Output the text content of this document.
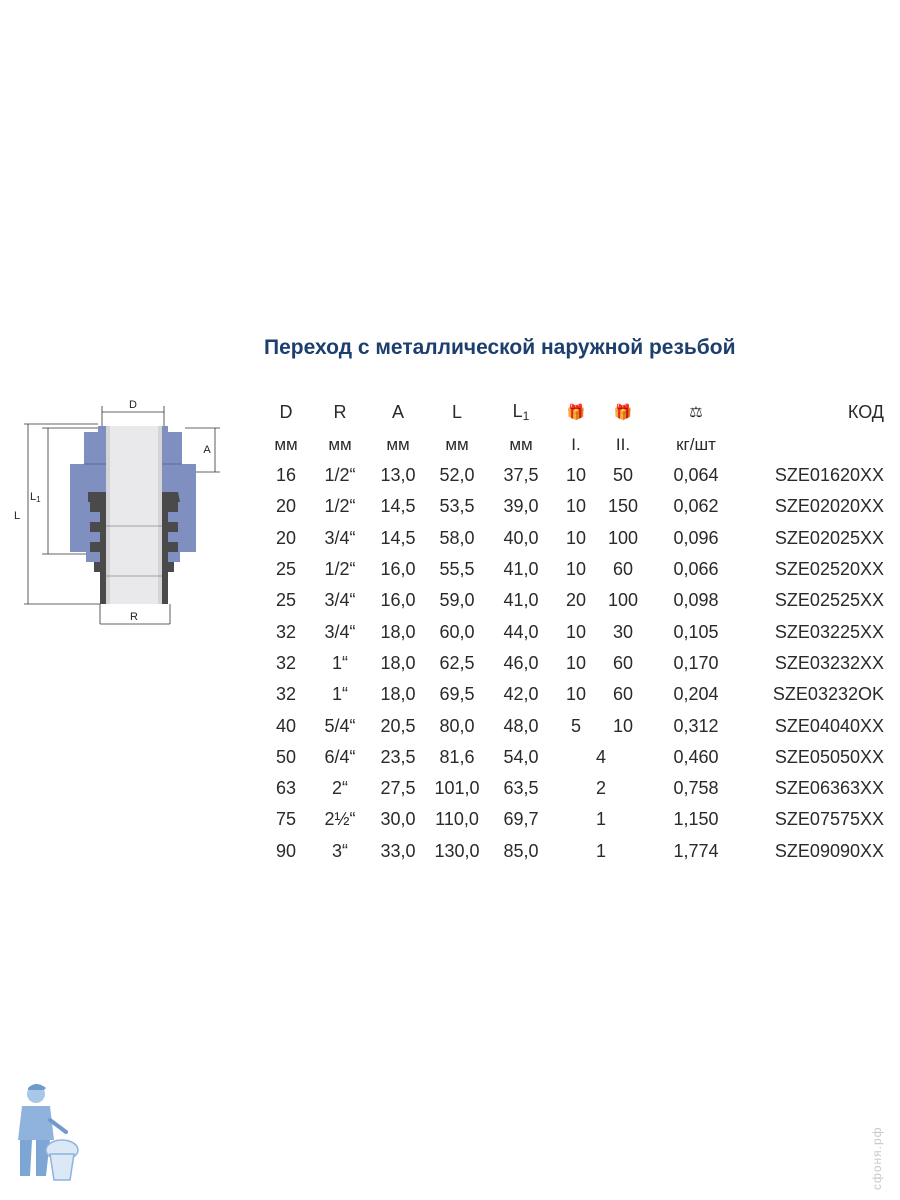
Переход с металлической наружной резьбой
D
A
L1
L
R
D	R	A	L	$L_1$	🎁	🎁	⚖	КОД
мм	мм	мм	мм	мм	I.	II.	кг/шт	
16	1/2“	13,0	52,0	37,5	10	50	0,064	SZE01620XX
20	1/2“	14,5	53,5	39,0	10	150	0,062	SZE02020XX
20	3/4“	14,5	58,0	40,0	10	100	0,096	SZE02025XX
25	1/2“	16,0	55,5	41,0	10	60	0,066	SZE02520XX
25	3/4“	16,0	59,0	41,0	20	100	0,098	SZE02525XX
32	3/4“	18,0	60,0	44,0	10	30	0,105	SZE03225XX
32	1“	18,0	62,5	46,0	10	60	0,170	SZE03232XX
32	1“	18,0	69,5	42,0	10	60	0,204	SZE03232OK
40	5/4“	20,5	80,0	48,0	5	10	0,312	SZE04040XX
50	6/4“	23,5	81,6	54,0	4		0,460	SZE05050XX
63	2“	27,5	101,0	63,5	2		0,758	SZE06363XX
75	2½“	30,0	110,0	69,7	1		1,150	SZE07575XX
90	3“	33,0	130,0	85,0	1		1,774	SZE09090XX
сфоня.рф
